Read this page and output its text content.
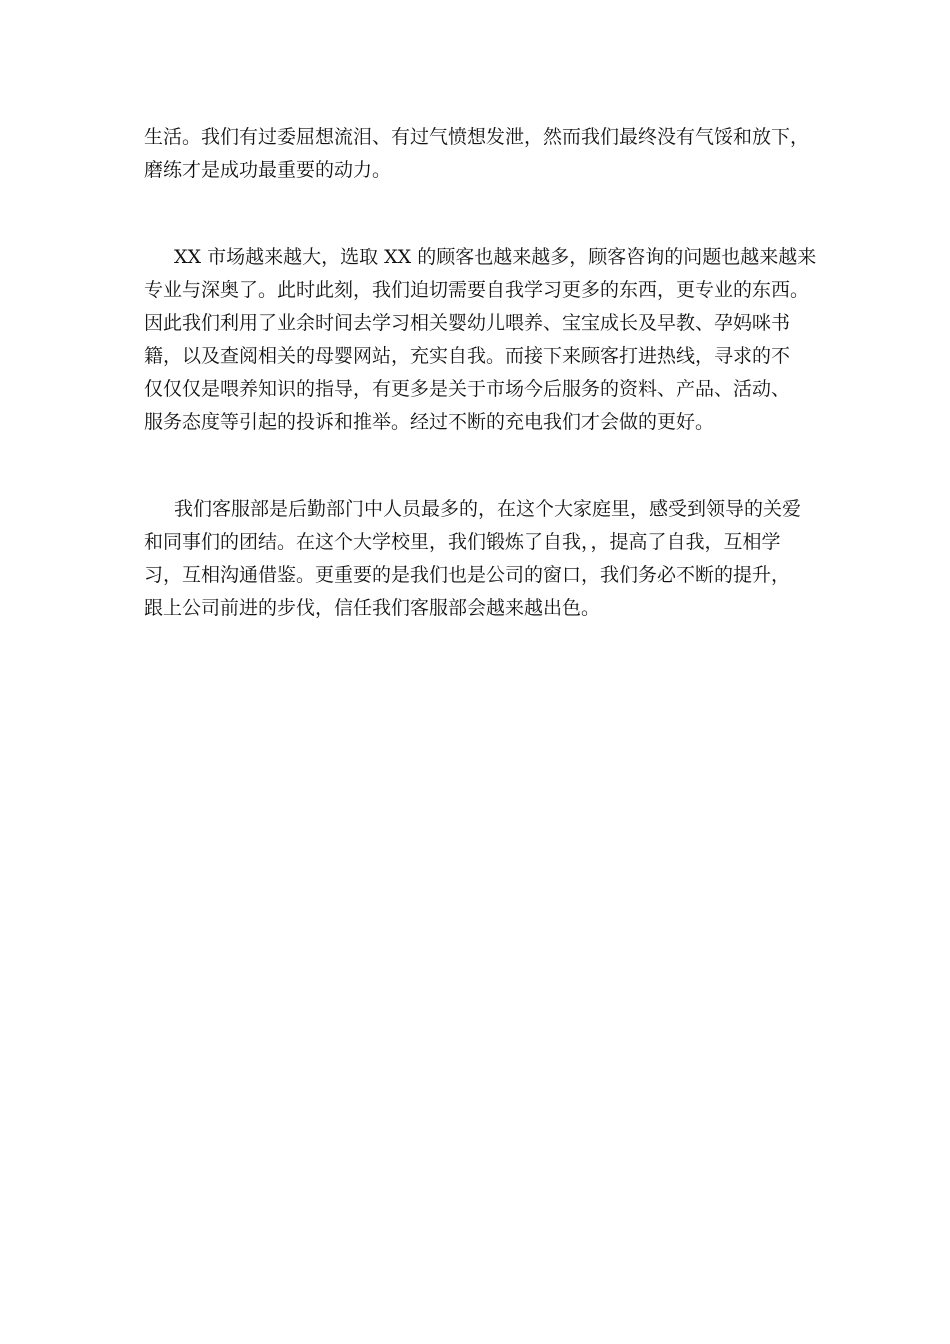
生活。我们有过委屈想流泪、有过气愤想发泄，然而我们最终没有气馁和放下，
磨练才是成功最重要的动力。
XX 市场越来越大，选取 XX 的顾客也越来越多，顾客咨询的问题也越来越来
专业与深奥了。此时此刻，我们迫切需要自我学习更多的东西，更专业的东西。
因此我们利用了业余时间去学习相关婴幼儿喂养、宝宝成长及早教、孕妈咪书
籍，以及查阅相关的母婴网站，充实自我。而接下来顾客打进热线，寻求的不
仅仅仅是喂养知识的指导，有更多是关于市场今后服务的资料、产品、活动、
服务态度等引起的投诉和推举。经过不断的充电我们才会做的更好。
我们客服部是后勤部门中人员最多的，在这个大家庭里，感受到领导的关爱
和同事们的团结。在这个大学校里，我们锻炼了自我，，提高了自我，互相学
习，互相沟通借鉴。更重要的是我们也是公司的窗口，我们务必不断的提升，
跟上公司前进的步伐，信任我们客服部会越来越出色。
